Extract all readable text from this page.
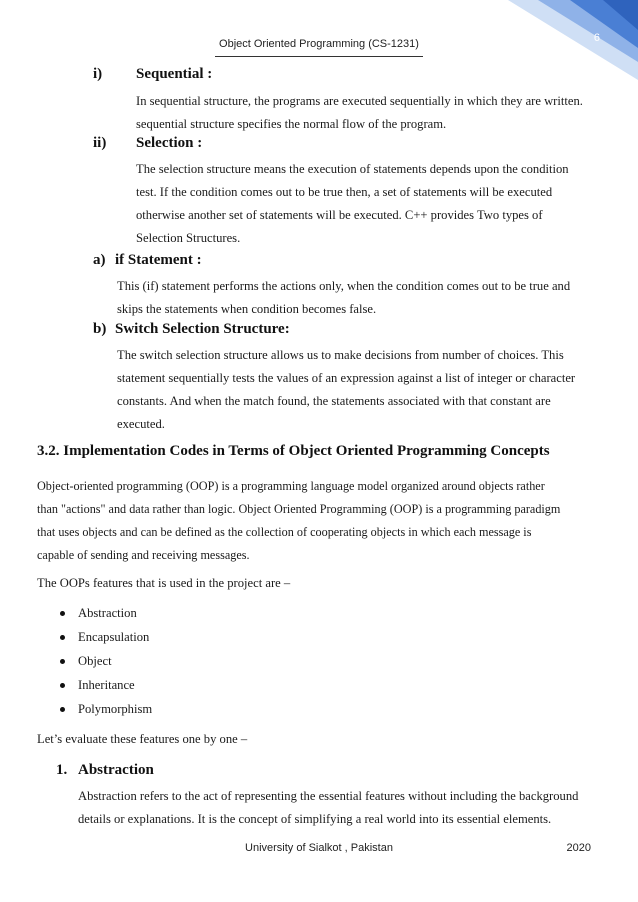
6
Object Oriented Programming (CS-1231)
i) Sequential :
In sequential structure, the programs are executed sequentially in which they are written.
sequential structure specifies the normal flow of the program.
ii) Selection :
The selection structure means the execution of statements depends upon the condition
test. If the condition comes out to be true then, a set of statements will be executed
otherwise another set of statements will be executed. C++ provides Two types of
Selection Structures.
a) if Statement :
This (if) statement performs the actions only, when the condition comes out to be true and
skips the statements when condition becomes false.
b) Switch Selection Structure:
The switch selection structure allows us to make decisions from number of choices. This
statement sequentially tests the values of an expression against a list of integer or character
constants. And when the match found, the statements associated with that constant are
executed.
3.2. Implementation Codes in Terms of Object Oriented Programming Concepts
Object-oriented programming (OOP) is a programming language model organized around objects rather
than "actions" and data rather than logic. Object Oriented Programming (OOP) is a programming paradigm
that uses objects and can be defined as the collection of cooperating objects in which each message is
capable of sending and receiving messages.
The OOPs features that is used in the project are –
Abstraction
Encapsulation
Object
Inheritance
Polymorphism
Let’s evaluate these features one by one –
1. Abstraction
Abstraction refers to the act of representing the essential features without including the background
details or explanations. It is the concept of simplifying a real world into its essential elements.
University of Sialkot , Pakistan	2020
